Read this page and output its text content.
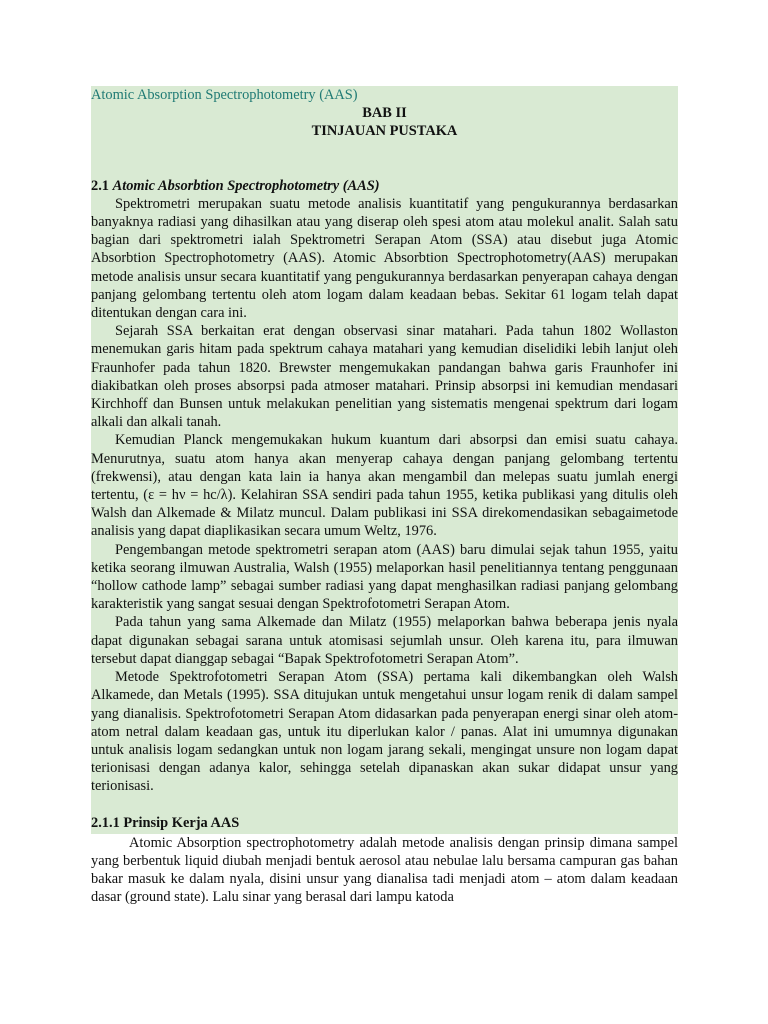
Atomic Absorption Spectrophotometry (AAS)
BAB II
TINJAUAN PUSTAKA
2.1 Atomic Absorbtion Spectrophotometry (AAS)

Spektrometri merupakan suatu metode analisis kuantitatif yang pengukurannya berdasarkan banyaknya radiasi yang dihasilkan atau yang diserap oleh spesi atom atau molekul analit. Salah satu bagian dari spektrometri ialah Spektrometri Serapan Atom (SSA) atau disebut juga Atomic Absorbtion Spectrophotometry (AAS). Atomic Absorbtion Spectrophotometry(AAS) merupakan metode analisis unsur secara kuantitatif yang pengukurannya berdasarkan penyerapan cahaya dengan panjang gelombang tertentu oleh atom logam dalam keadaan bebas. Sekitar 61 logam telah dapat ditentukan dengan cara ini.

Sejarah SSA berkaitan erat dengan observasi sinar matahari. Pada tahun 1802 Wollaston menemukan garis hitam pada spektrum cahaya matahari yang kemudian diselidiki lebih lanjut oleh Fraunhofer pada tahun 1820. Brewster mengemukakan pandangan bahwa garis Fraunhofer ini diakibatkan oleh proses absorpsi pada atmoser matahari. Prinsip absorpsi ini kemudian mendasari Kirchhoff dan Bunsen untuk melakukan penelitian yang sistematis mengenai spektrum dari logam alkali dan alkali tanah.

Kemudian Planck mengemukakan hukum kuantum dari absorpsi dan emisi suatu cahaya. Menurutnya, suatu atom hanya akan menyerap cahaya dengan panjang gelombang tertentu (frekwensi), atau dengan kata lain ia hanya akan mengambil dan melepas suatu jumlah energi tertentu, (ε = hν = hc/λ). Kelahiran SSA sendiri pada tahun 1955, ketika publikasi yang ditulis oleh Walsh dan Alkemade & Milatz muncul. Dalam publikasi ini SSA direkomendasikan sebagaimetode analisis yang dapat diaplikasikan secara umum Weltz, 1976.

Pengembangan metode spektrometri serapan atom (AAS) baru dimulai sejak tahun 1955, yaitu ketika seorang ilmuwan Australia, Walsh (1955) melaporkan hasil penelitiannya tentang penggunaan “hollow cathode lamp” sebagai sumber radiasi yang dapat menghasilkan radiasi panjang gelombang karakteristik yang sangat sesuai dengan Spektrofotometri Serapan Atom.

Pada tahun yang sama Alkemade dan Milatz (1955) melaporkan bahwa beberapa jenis nyala dapat digunakan sebagai sarana untuk atomisasi sejumlah unsur. Oleh karena itu, para ilmuwan tersebut dapat dianggap sebagai “Bapak Spektrofotometri Serapan Atom”.

Metode Spektrofotometri Serapan Atom (SSA) pertama kali dikembangkan oleh Walsh Alkamede, dan Metals (1995). SSA ditujukan untuk mengetahui unsur logam renik di dalam sampel yang dianalisis. Spektrofotometri Serapan Atom didasarkan pada penyerapan energi sinar oleh atom-atom netral dalam keadaan gas, untuk itu diperlukan kalor / panas. Alat ini umumnya digunakan untuk analisis logam sedangkan untuk non logam jarang sekali, mengingat unsure non logam dapat terionisasi dengan adanya kalor, sehingga setelah dipanaskan akan sukar didapat unsur yang terionisasi.

2.1.1 Prinsip Kerja AAS

Atomic Absorption spectrophotometry adalah metode analisis dengan prinsip dimana sampel yang berbentuk liquid diubah menjadi bentuk aerosol atau nebulae lalu bersama campuran gas bahan bakar masuk ke dalam nyala, disini unsur yang dianalisa tadi menjadi atom – atom dalam keadaan dasar (ground state). Lalu sinar yang berasal dari lampu katoda
